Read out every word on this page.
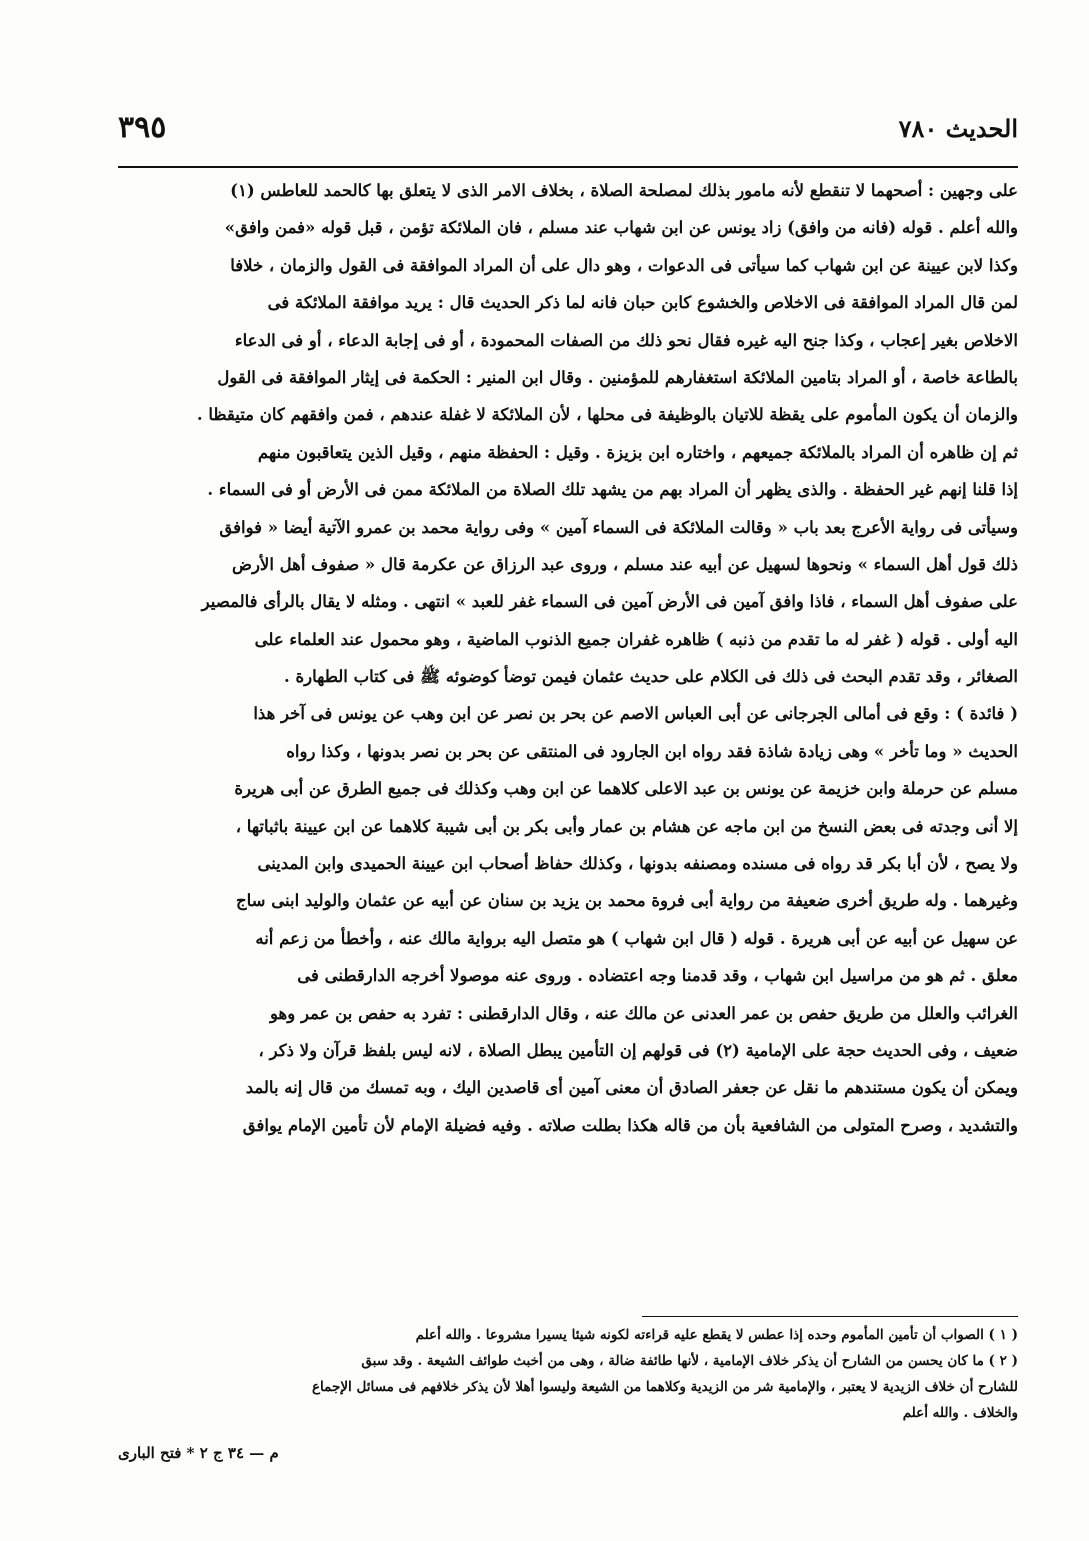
الحديث ٧٨٠
٣٩٥
على وجهين : أصحهما لا تنقطع لأنه مامور بذلك لمصلحة الصلاة ، بخلاف الامر الذى لا يتعلق بها كالحمد للعاطس (١)
والله أعلم . قوله (فانه من وافق) زاد يونس عن ابن شهاب عند مسلم ، فان الملائكة تؤمن ، قبل قوله «فمن وافق»
وكذا لابن عيينة عن ابن شهاب كما سيأتى فى الدعوات ، وهو دال على أن المراد الموافقة فى القول والزمان ، خلافا
لمن قال المراد الموافقة فى الاخلاص والخشوع كابن حبان فانه لما ذكر الحديث قال : يريد موافقة الملائكة فى
الاخلاص بغير إعجاب ، وكذا جنح اليه غيره فقال نحو ذلك من الصفات المحمودة ، أو فى إجابة الدعاء ، أو فى الدعاء
بالطاعة خاصة ، أو المراد بتامين الملائكة استغفارهم للمؤمنين . وقال ابن المنير : الحكمة فى إيثار الموافقة فى القول
والزمان أن يكون المأموم على يقظة للاتيان بالوظيفة فى محلها ، لأن الملائكة لا غفلة عندهم ، فمن وافقهم كان متيقظا .
ثم إن ظاهره أن المراد بالملائكة جميعهم ، واختاره ابن بزيزة . وقيل : الحفظة منهم ، وقيل الذين يتعاقبون منهم
إذا قلنا إنهم غير الحفظة . والذى يظهر أن المراد بهم من يشهد تلك الصلاة من الملائكة ممن فى الأرض أو فى السماء .
وسيأتى فى رواية الأعرج بعد باب « وقالت الملائكة فى السماء آمين » وفى رواية محمد بن عمرو الآتية أيضا « فوافق
ذلك قول أهل السماء » ونحوها لسهيل عن أبيه عند مسلم ، وروى عبد الرزاق عن عكرمة قال « صفوف أهل الأرض
على صفوف أهل السماء ، فاذا وافق آمين فى الأرض آمين فى السماء غفر للعبد » انتهى . ومثله لا يقال بالرأى فالمصير
اليه أولى . قوله ( غفر له ما تقدم من ذنبه ) ظاهره غفران جميع الذنوب الماضية ، وهو محمول عند العلماء على
الصغائر ، وقد تقدم البحث فى ذلك فى الكلام على حديث عثمان فيمن توضأ كوضوئه ﷺ فى كتاب الطهارة .
( فائدة ) : وقع فى أمالى الجرجانى عن أبى العباس الاصم عن بحر بن نصر عن ابن وهب عن يونس فى آخر هذا
الحديث « وما تأخر » وهى زيادة شاذة فقد رواه ابن الجارود فى المنتقى عن بحر بن نصر بدونها ، وكذا رواه
مسلم عن حرملة وابن خزيمة عن يونس بن عبد الاعلى كلاهما عن ابن وهب وكذلك فى جميع الطرق عن أبى هريرة
إلا أنى وجدته فى بعض النسخ من ابن ماجه عن هشام بن عمار وأبى بكر بن أبى شيبة كلاهما عن ابن عيينة باثباتها ،
ولا يصح ، لأن أبا بكر قد رواه فى مسنده ومصنفه بدونها ، وكذلك حفاظ أصحاب ابن عيينة الحميدى وابن المدينى
وغيرهما . وله طريق أخرى ضعيفة من رواية أبى فروة محمد بن يزيد بن سنان عن أبيه عن عثمان والوليد ابنى ساج
عن سهيل عن أبيه عن أبى هريرة . قوله ( قال ابن شهاب ) هو متصل اليه برواية مالك عنه ، وأخطأ من زعم أنه
معلق . ثم هو من مراسيل ابن شهاب ، وقد قدمنا وجه اعتضاده . وروى عنه موصولا أخرجه الدارقطنى فى
الغرائب والعلل من طريق حفص بن عمر العدنى عن مالك عنه ، وقال الدارقطنى : تفرد به حفص بن عمر وهو
ضعيف ، وفى الحديث حجة على الإمامية (٢) فى قولهم إن التأمين يبطل الصلاة ، لانه ليس بلفظ قرآن ولا ذكر ،
ويمكن أن يكون مستندهم ما نقل عن جعفر الصادق أن معنى آمين أى قاصدين اليك ، وبه تمسك من قال إنه بالمد
والتشديد ، وصرح المتولى من الشافعية بأن من قاله هكذا بطلت صلاته . وفيه فضيلة الإمام لأن تأمين الإمام يوافق
( ١ ) الصواب أن تأمين المأموم وحده إذا عطس لا يقطع عليه قراءته لكونه شيئا يسيرا مشروعا . والله أعلم
( ٢ ) ما كان يحسن من الشارح أن يذكر خلاف الإمامية ، لأنها طائفة ضالة ، وهى من أخبث طوائف الشيعة . وقد سبق
للشارح أن خلاف الزيدية لا يعتبر ، والإمامية شر من الزيدية وكلاهما من الشيعة وليسوا أهلا لأن يذكر خلافهم فى مسائل الإجماع
والخلاف . والله أعلم
م — ٣٤ ج ٢ * فتح البارى
